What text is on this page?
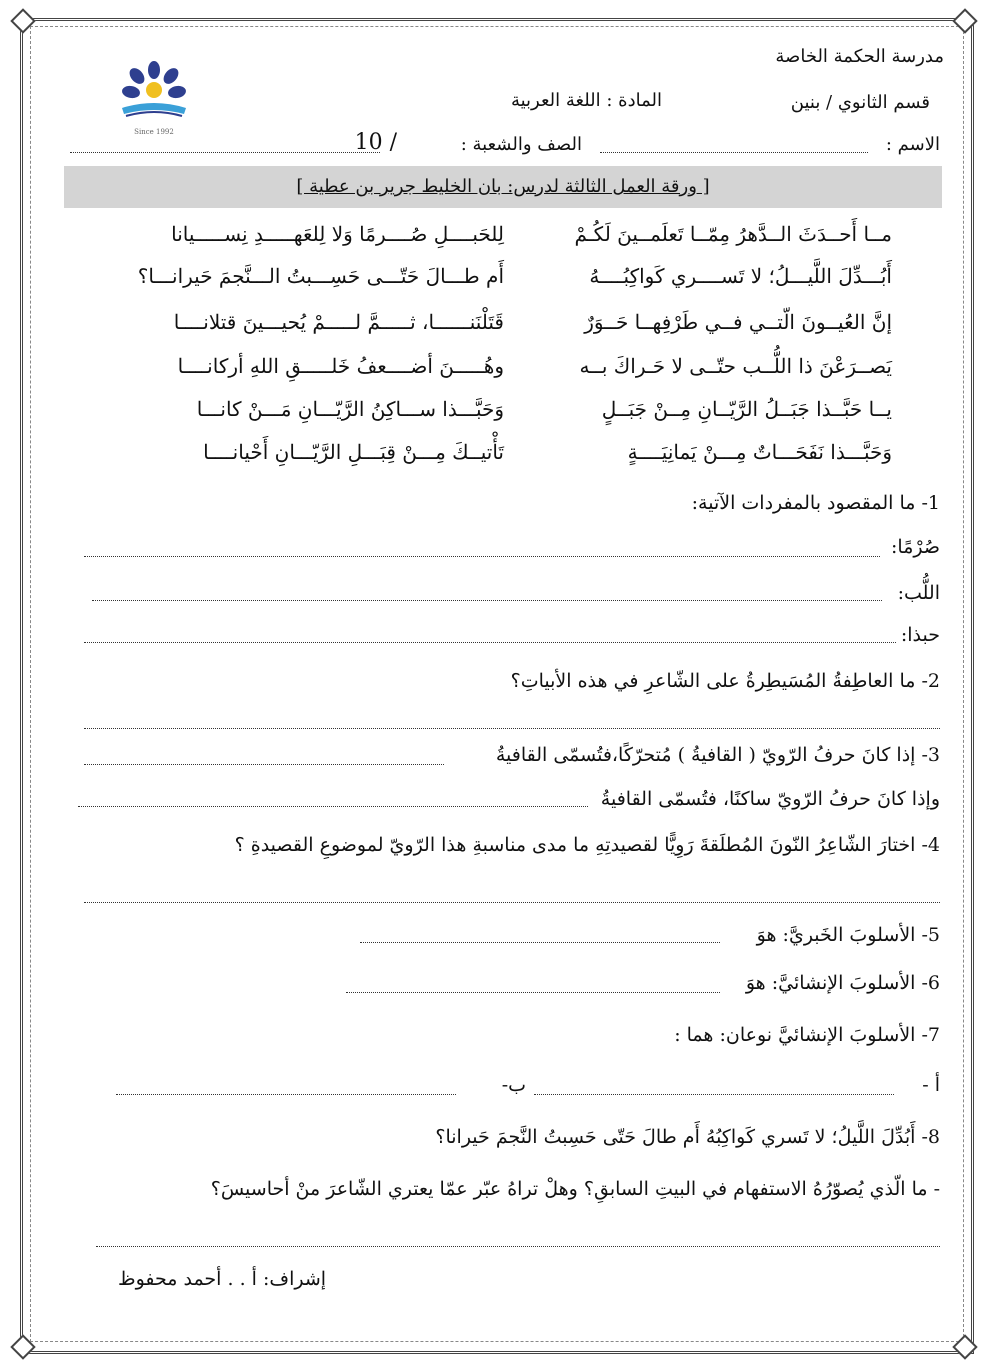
مدرسة الحكمة الخاصة
قسم الثانوي / بنين
المادة : اللغة العربية
Since 1992
الاسم :
الصف والشعبة :
/ 10
[ ورقة العمل الثالثة لدرس: بان الخليط جرير بن عطية ]
مــا أَحــدَثَ الــدَّهرُ مِمّــا تَعلَمــينَ لَكُـمْ
لِلحَبــــلِ صُــــرمًا وَلا لِلعَهـــــدِ نِســـــيانا
أَبُـــدِّلَ اللَّيـــلُ؛ لا تَســــري كَواكِبُــــهُ
أَم طـــالَ حَتّـــى حَسِـــبتُ الـــنَّجمَ حَيرانـــا؟
إنَّ العُيــونَ الّتــي فــي طَرْفِهــا حَــوَرٌ
قَتَلْنَنــــــا، ثـــــمَّ لـــــمْ يُحيـــينَ قتلانــــا
يَصــرَعْنَ ذا اللُّــب حتّــى لا حَـراكَ بــه
وهُـــــنَ أضــــعفُ خَلـــــقِ اللهِ أركانــــا
يــا حَبَّــذا جَبَــلُ الرَّيّــانِ مِــنْ جَبَــلٍ
وَحَبَّـــذا ســـاكِنُ الرَّيّـــانِ مَـــنْ كانـــا
وَحَبَّـــذا نَفَحَـــاتٌ مِـــنْ يَمانِيَــــةٍ
تَأْتيــكَ مِـــنْ قِبَـــلِ الرَّيّـــانِ أَحْيانــــا
1- ما المقصود بالمفردات الآتية:
صُرْمًا:
اللُّب:
حبذا:
2- ما العاطِفةُ المُسَيطِرةُ على الشّاعرِ في هذه الأبياتِ؟
3- إذا كانَ حرفُ الرّويّ ( القافيةُ ) مُتحرّكًا،فتُسمّى القافيةُ
وإذا كانَ حرفُ الرّويّ ساكنًا، فتُسمّى القافيةُ
4- اختارَ الشّاعِرُ النّونَ المُطلَقةَ رَوِيًّا لقصيدتِهِ ما مدى مناسبةِ هذا الرّويّ لموضوعِ القصيدةِ ؟
5- الأسلوبَ الخَبريَّ: هوَ
6- الأسلوبَ الإنشائيَّ: هوَ
7- الأسلوبَ الإنشائيَّ نوعان: هما :
أ -
ب-
8- أَبُدِّلَ اللَّيلُ؛ لا تَسري كَواكِبُهُ أَم طالَ حَتّى حَسِبتُ النَّجمَ حَيرانا؟
- ما الّذي يُصوّرُهُ الاستفهام في البيتِ السابقِ؟ وهلْ تراهُ عبّر عمّا يعتري الشّاعرَ منْ أحاسيسَ؟
إشراف: أ . . أحمد محفوظ
